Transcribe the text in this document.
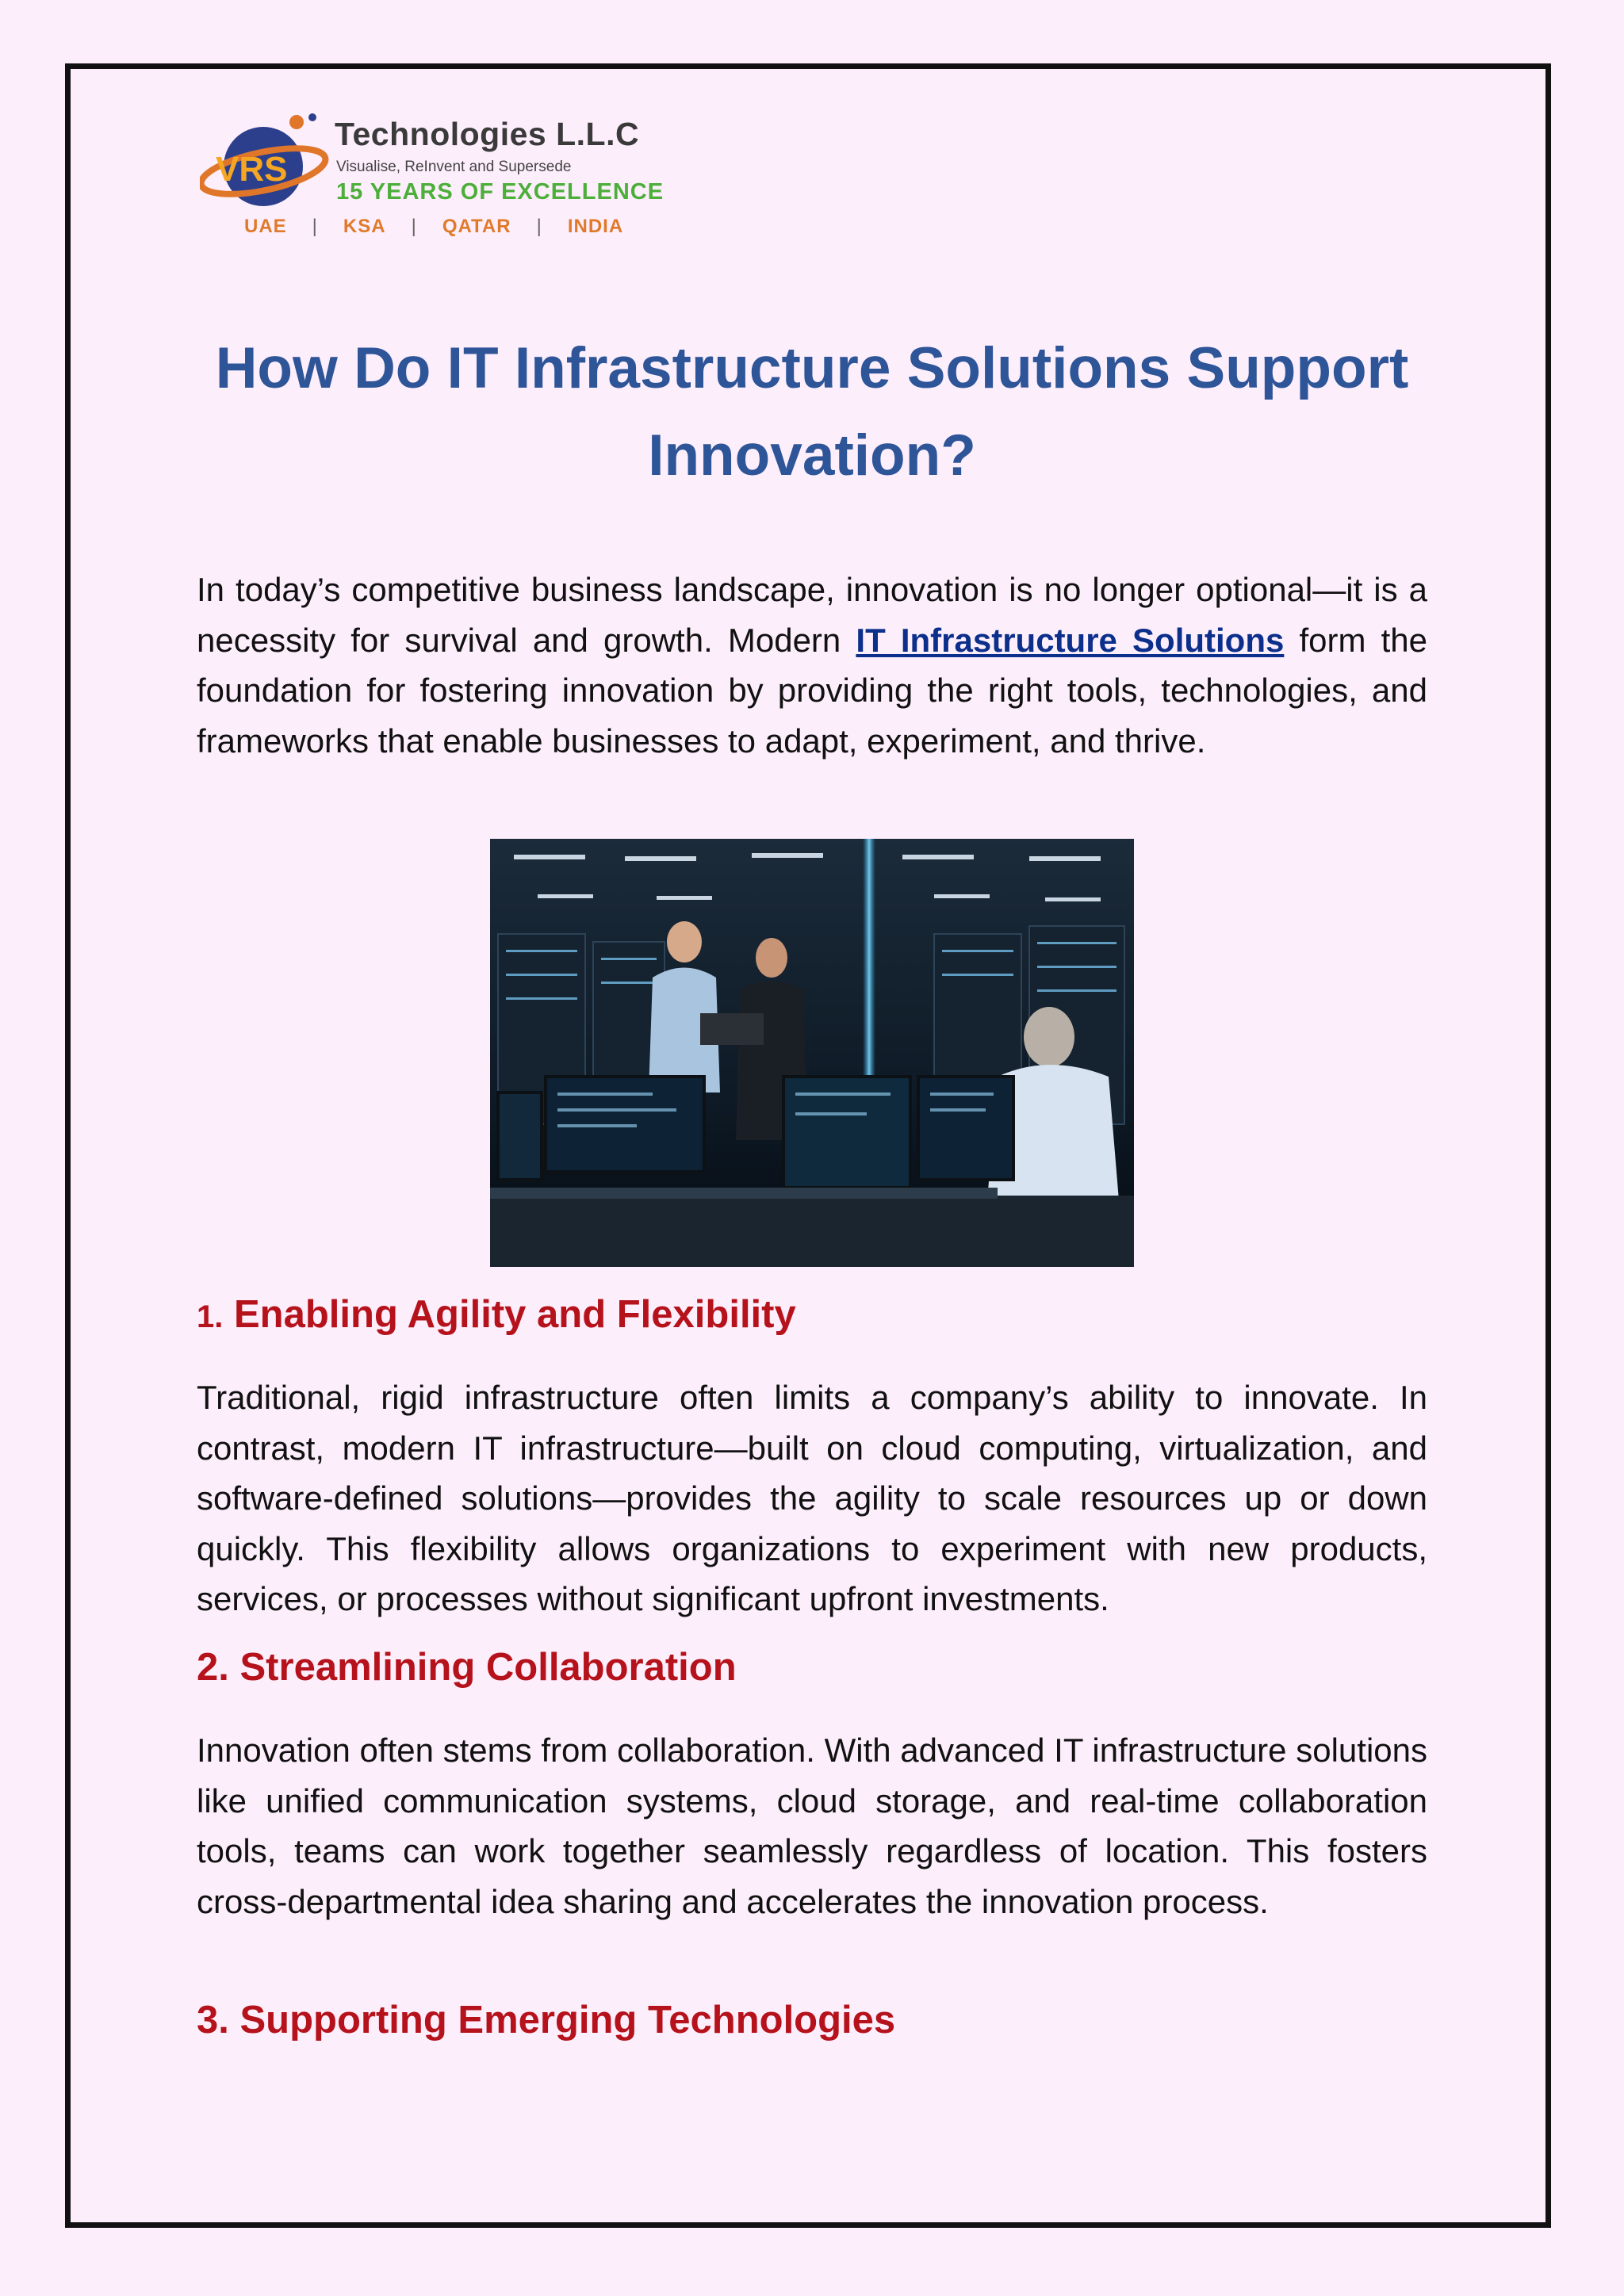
VRS
Technologies L.L.C
Visualise, ReInvent and Supersede
15 YEARS OF EXCELLENCE
UAE | KSA | QATAR | INDIA
How Do IT Infrastructure Solutions Support Innovation?

In today’s competitive business landscape, innovation is no longer optional—it is a necessity for survival and growth. Modern IT Infrastructure Solutions form the foundation for fostering innovation by providing the right tools, technologies, and frameworks that enable businesses to adapt, experiment, and thrive.

1. Enabling Agility and Flexibility

Traditional, rigid infrastructure often limits a company’s ability to innovate. In contrast, modern IT infrastructure—built on cloud computing, virtualization, and software-defined solutions—provides the agility to scale resources up or down quickly. This flexibility allows organizations to experiment with new products, services, or processes without significant upfront investments.

2. Streamlining Collaboration

Innovation often stems from collaboration. With advanced IT infrastructure solutions like unified communication systems, cloud storage, and real-time collaboration tools, teams can work together seamlessly regardless of location. This fosters cross-departmental idea sharing and accelerates the innovation process.

3. Supporting Emerging Technologies
